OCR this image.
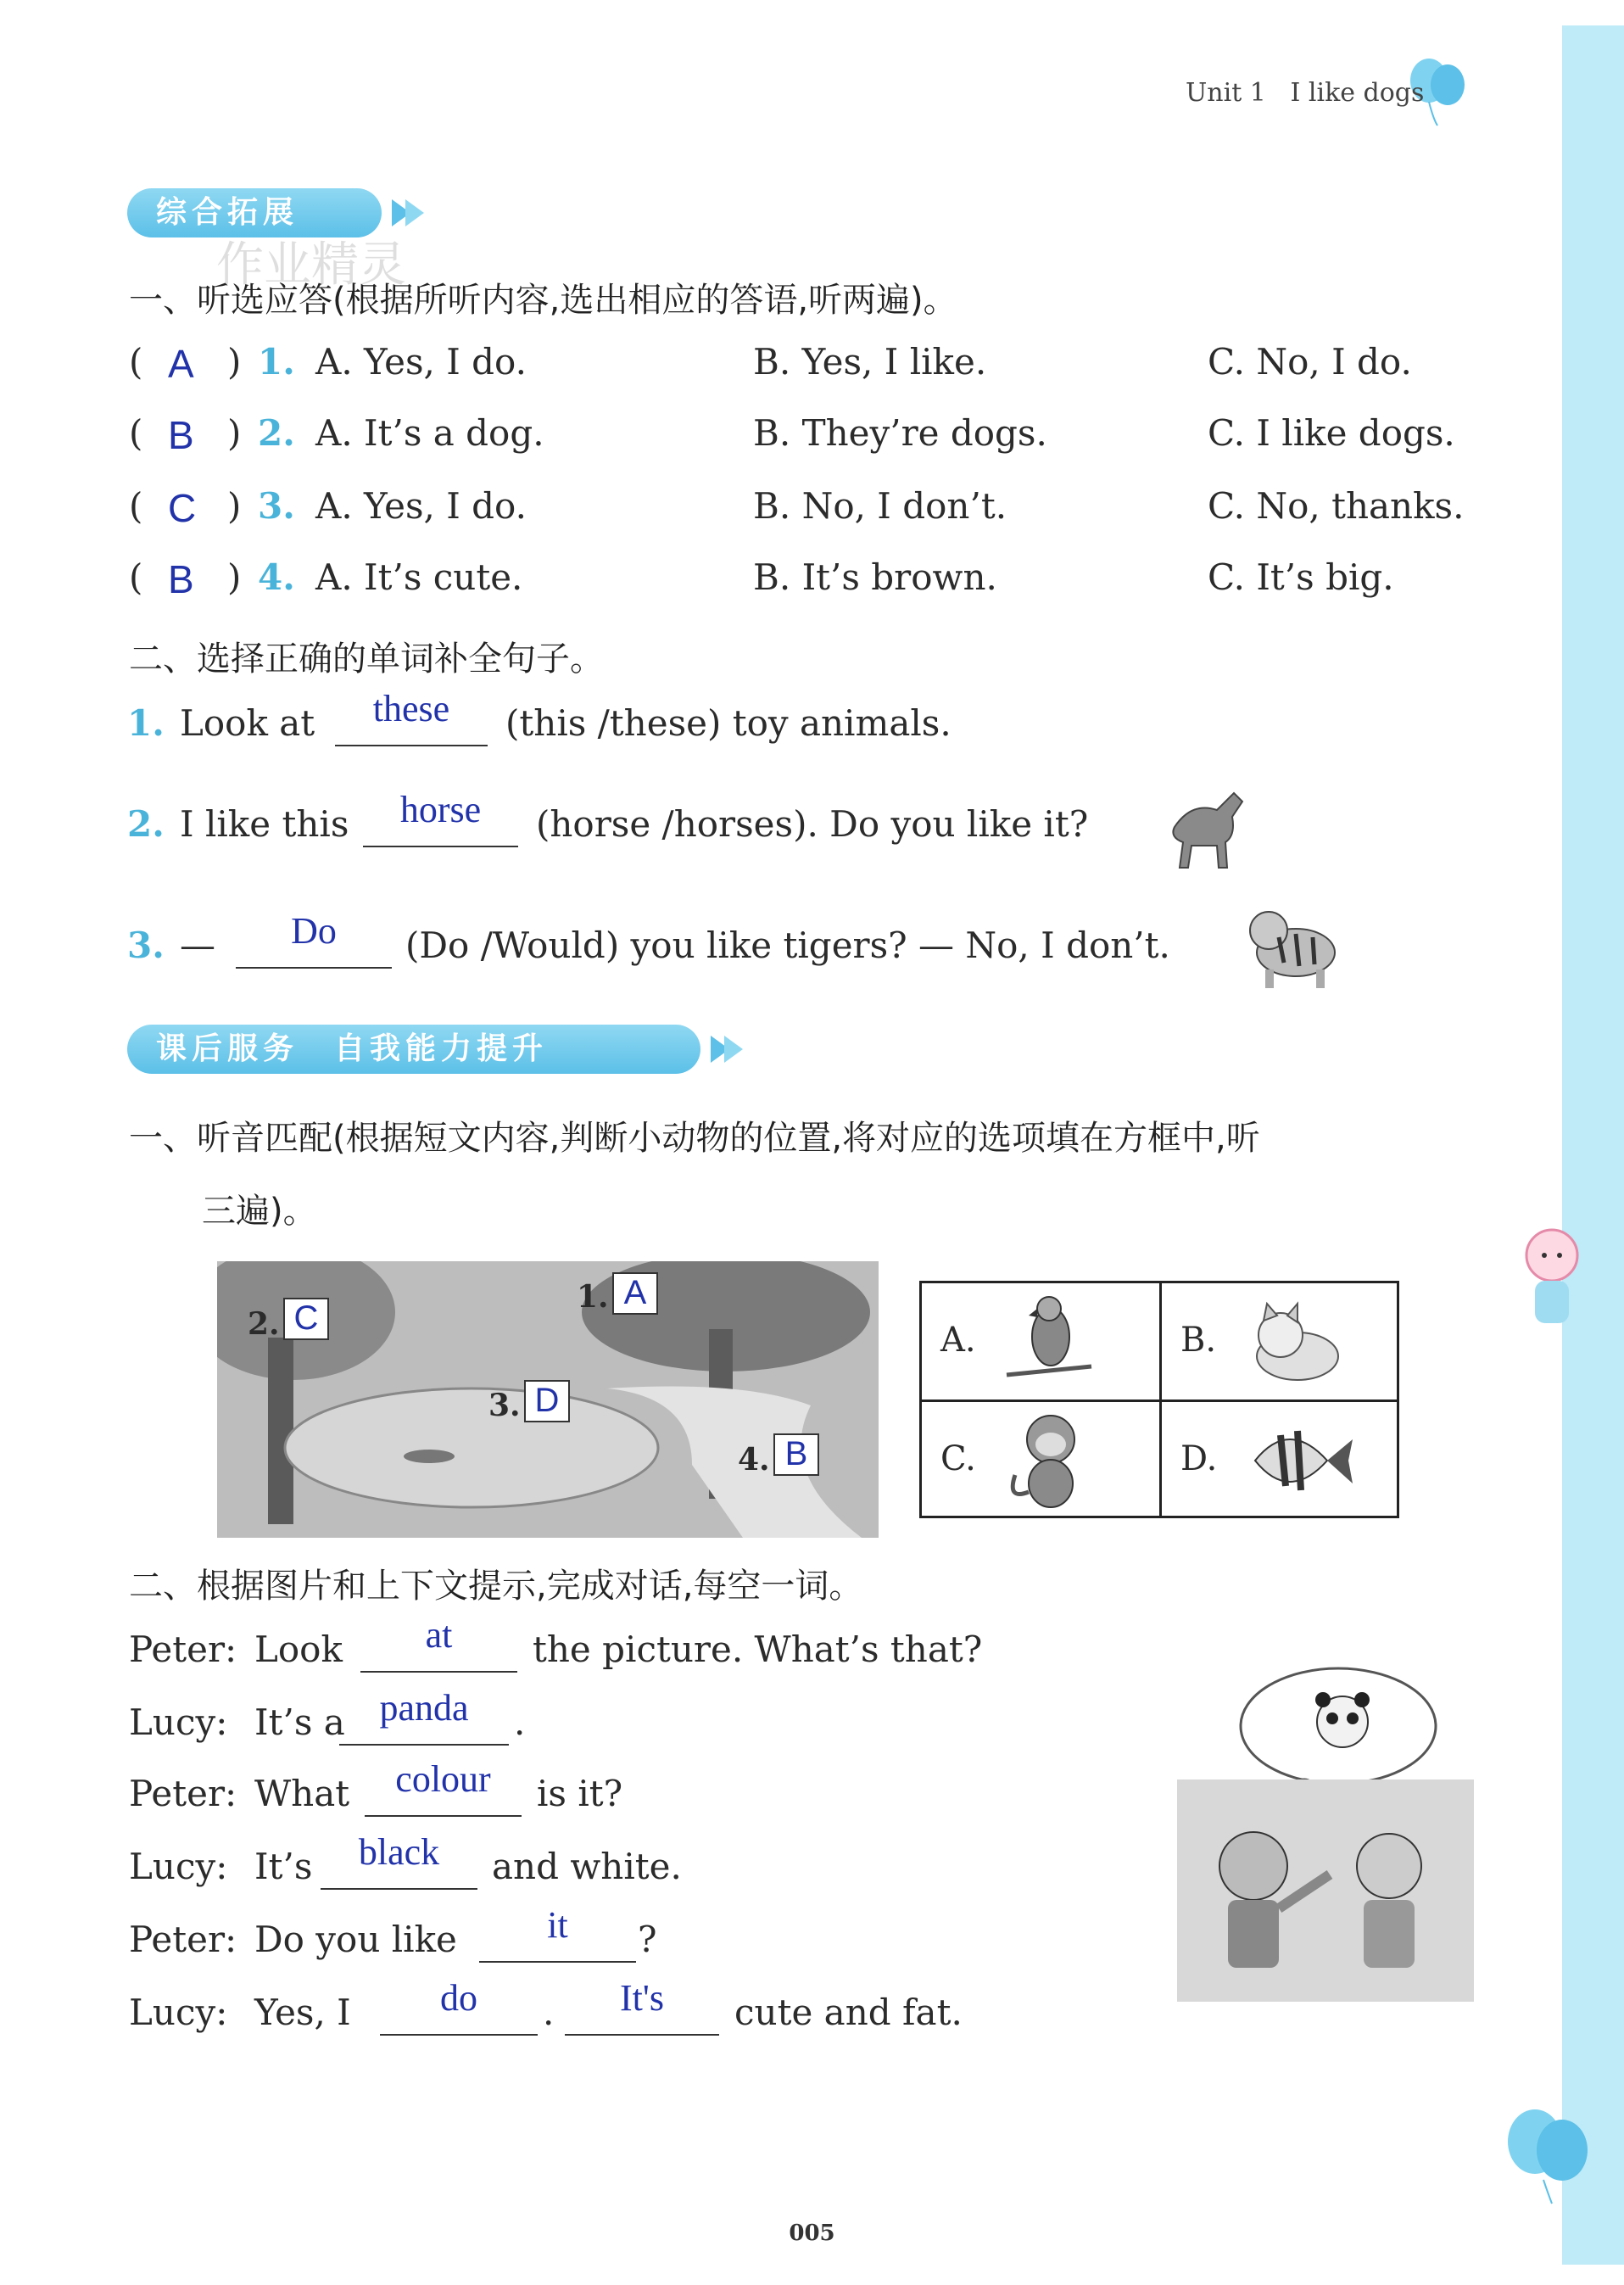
Unit 1 I like dogs
综合拓展
作业精灵
一、听选应答(根据所听内容,选出相应的答语,听两遍)。
( A ) 1. A. Yes, I do.	B. Yes, I like.	C. No, I do.
( B ) 2. A. It’s a dog.	B. They’re dogs.	C. I like dogs.
( C ) 3. A. Yes, I do.	B. No, I don’t.	C. No, thanks.
( B ) 4. A. It’s cute.	B. It’s brown.	C. It’s big.
二、选择正确的单词补全句子。
1. Look at	these	(this /these) toy animals.
2. I like this	horse	(horse /horses). Do you like it?
3. —	Do	(Do /Would) you like tigers? — No, I don’t.
课后服务　自我能力提升
一、听音匹配(根据短文内容,判断小动物的位置,将对应的选项填在方框中,听
三遍)。
1. A
2. C
3. D
4. B
A.	B.
C.	D.
二、根据图片和上下文提示,完成对话,每空一词。
Peter: Look	at	the picture. What’s that?
Lucy: It’s a panda	.
Peter: What	colour	is it?
Lucy: It’s	black	and white.
Peter: Do you like	it	?
Lucy: Yes, I	do	.	It's	cute and fat.
005
